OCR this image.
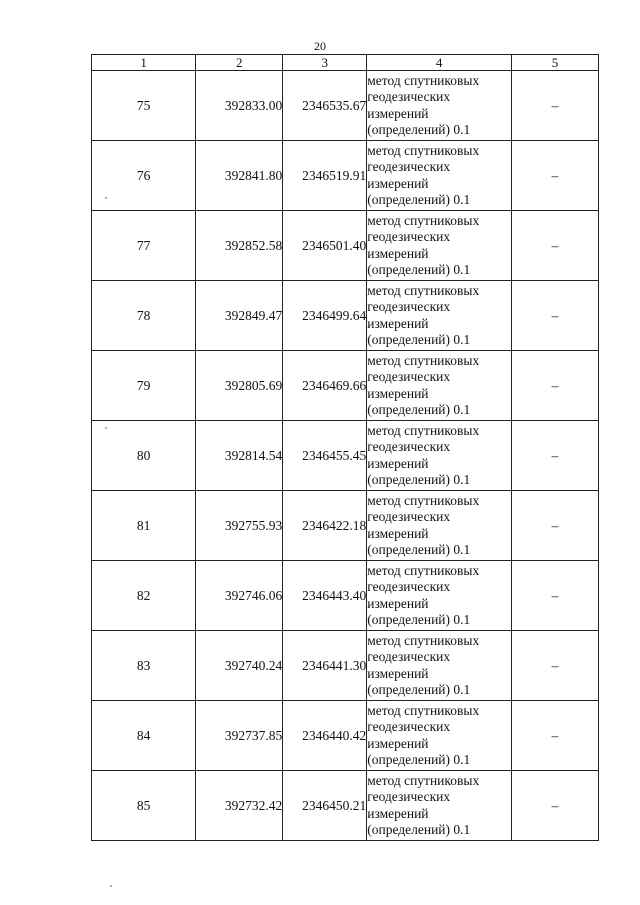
20
1	2	3	4	5
75	392833.00	2346535.67	метод спутниковых
геодезических
измерений
(определений) 0.1	–
76	392841.80	2346519.91	метод спутниковых
геодезических
измерений
(определений) 0.1	–
77	392852.58	2346501.40	метод спутниковых
геодезических
измерений
(определений) 0.1	–
78	392849.47	2346499.64	метод спутниковых
геодезических
измерений
(определений) 0.1	–
79	392805.69	2346469.66	метод спутниковых
геодезических
измерений
(определений) 0.1	–
80	392814.54	2346455.45	метод спутниковых
геодезических
измерений
(определений) 0.1	–
81	392755.93	2346422.18	метод спутниковых
геодезических
измерений
(определений) 0.1	–
82	392746.06	2346443.40	метод спутниковых
геодезических
измерений
(определений) 0.1	–
83	392740.24	2346441.30	метод спутниковых
геодезических
измерений
(определений) 0.1	–
84	392737.85	2346440.42	метод спутниковых
геодезических
измерений
(определений) 0.1	–
85	392732.42	2346450.21	метод спутниковых
геодезических
измерений
(определений) 0.1	–
